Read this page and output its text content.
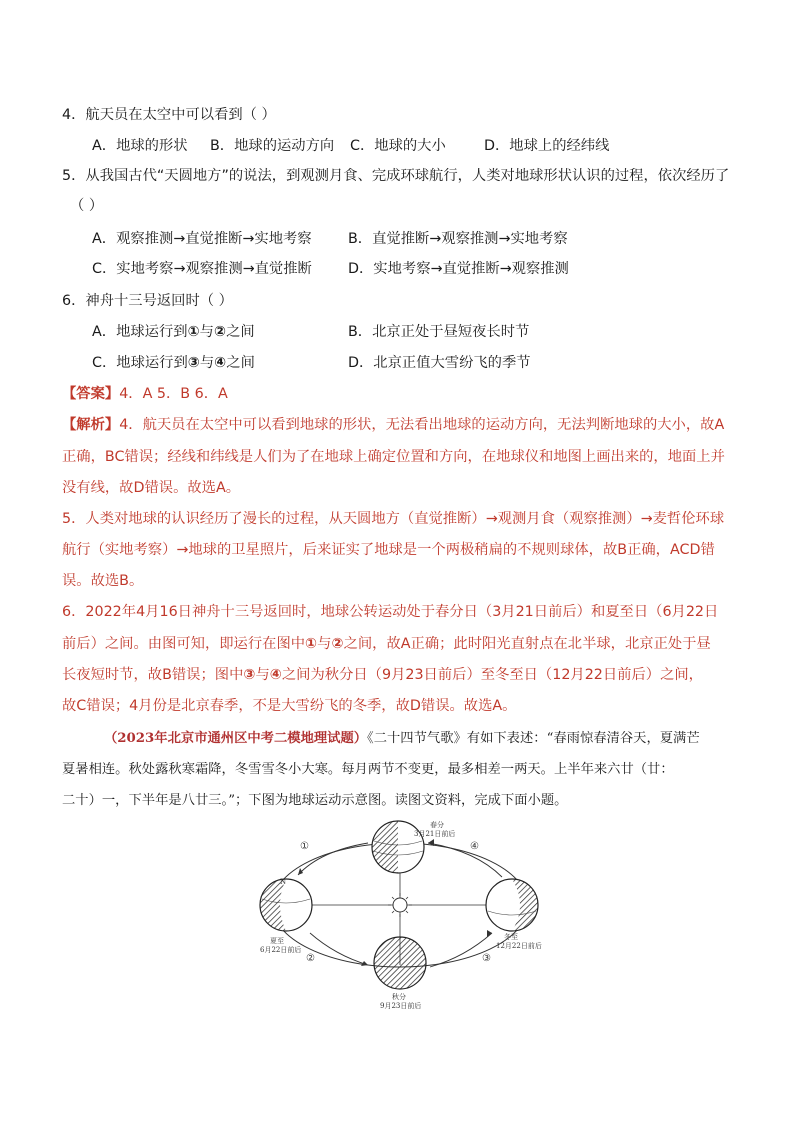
4．航天员在太空中可以看到（ ）
A．地球的形状 B．地球的运动方向 C．地球的大小	D．地球上的经纬线
5．从我国古代“天圆地方”的说法，到观测月食、完成环球航行，人类对地球形状认识的过程，依次经历了
（ ）
A．观察推测→直觉推断→实地考察	B．直觉推断→观察推测→实地考察
C．实地考察→观察推测→直觉推断	D．实地考察→直觉推断→观察推测
6．神舟十三号返回时（ ）
A．地球运行到①与②之间	B．北京正处于昼短夜长时节
C．地球运行到③与④之间	D．北京正值大雪纷飞的季节
【答案】4．A 5．B 6．A
【解析】4．航天员在太空中可以看到地球的形状，无法看出地球的运动方向，无法判断地球的大小，故A
正确，BC错误；经线和纬线是人们为了在地球上确定位置和方向，在地球仪和地图上画出来的，地面上并
没有线，故D错误。故选A。
5．人类对地球的认识经历了漫长的过程，从天圆地方（直觉推断）→观测月食（观察推测）→麦哲伦环球
航行（实地考察）→地球的卫星照片，后来证实了地球是一个两极稍扁的不规则球体，故B正确，ACD错
误。故选B。
6．2022年4月16日神舟十三号返回时，地球公转运动处于春分日（3月21日前后）和夏至日（6月22日
前后）之间。由图可知，即运行在图中①与②之间，故A正确；此时阳光直射点在北半球，北京正处于昼
长夜短时节，故B错误；图中③与④之间为秋分日（9月23日前后）至冬至日（12月22日前后）之间，
故C错误；4月份是北京春季，不是大雪纷飞的冬季，故D错误。故选A。
（2023年北京市通州区中考二模地理试题）《二十四节气歌》有如下表述：“春雨惊春清谷天，夏满芒
夏暑相连。秋处露秋寒霜降，冬雪雪冬小大寒。每月两节不变更，最多相差一两天。上半年来六廿（廿：
二十）一，下半年是八廿三。”；下图为地球运动示意图。读图文资料，完成下面小题。
春分
3月21日前后
N
夏至
6月22日前后
冬至
12月22日前后
秋分
9月23日前后
①
②	③
④
